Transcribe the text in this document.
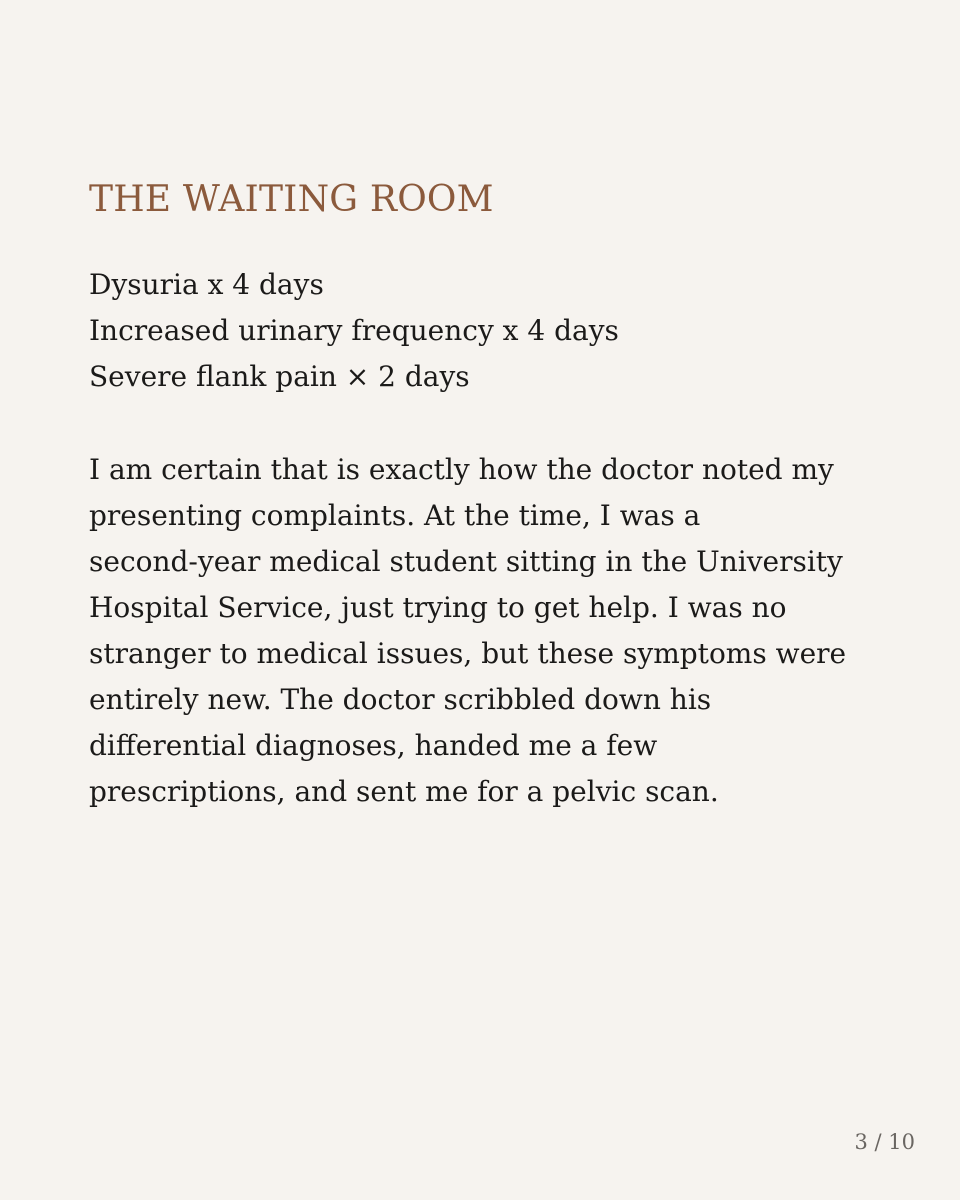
THE WAITING ROOM
Dysuria x 4 days
Increased urinary frequency x 4 days
Severe flank pain × 2 days

I am certain that is exactly how the doctor noted my
presenting complaints. At the time, I was a
second-year medical student sitting in the University
Hospital Service, just trying to get help. I was no
stranger to medical issues, but these symptoms were
entirely new. The doctor scribbled down his
differential diagnoses, handed me a few
prescriptions, and sent me for a pelvic scan.

3 / 10
